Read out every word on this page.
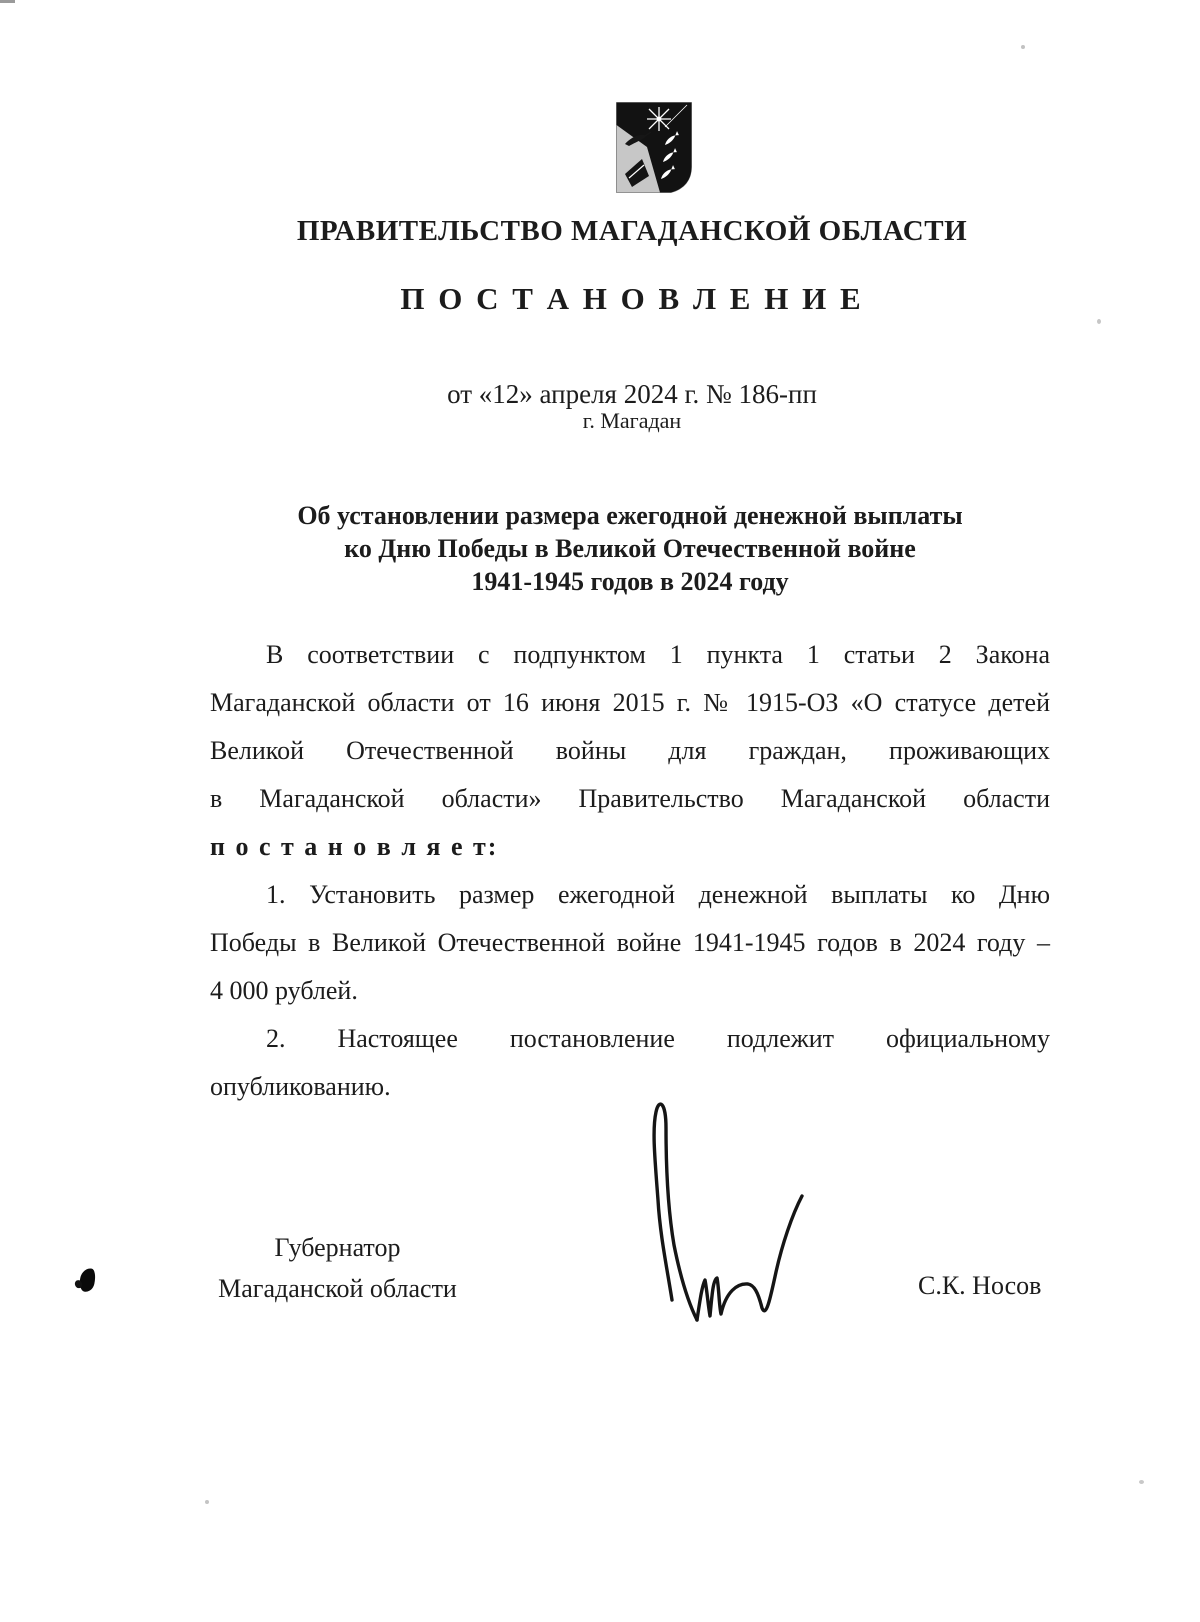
ПРАВИТЕЛЬСТВО МАГАДАНСКОЙ ОБЛАСТИ
П О С Т А Н О В Л Е Н И Е
от «12» апреля 2024 г. № 186-пп
г. Магадан
Об установлении размера ежегодной денежной выплаты
ко Дню Победы в Великой Отечественной войне
1941-1945 годов в 2024 году
В соответствии с подпунктом 1 пункта 1 статьи 2 Закона
Магаданской области от 16 июня 2015 г. № 1915-ОЗ «О статусе детей
Великой Отечественной войны для граждан, проживающих
в Магаданской области» Правительство Магаданской области
п о с т а н о в л я е т:
1. Установить размер ежегодной денежной выплаты ко Дню
Победы в Великой Отечественной войне 1941-1945 годов в 2024 году –
4 000 рублей.
2. Настоящее постановление подлежит официальному
опубликованию.
Губернатор
Магаданской области	С.К. Носов
